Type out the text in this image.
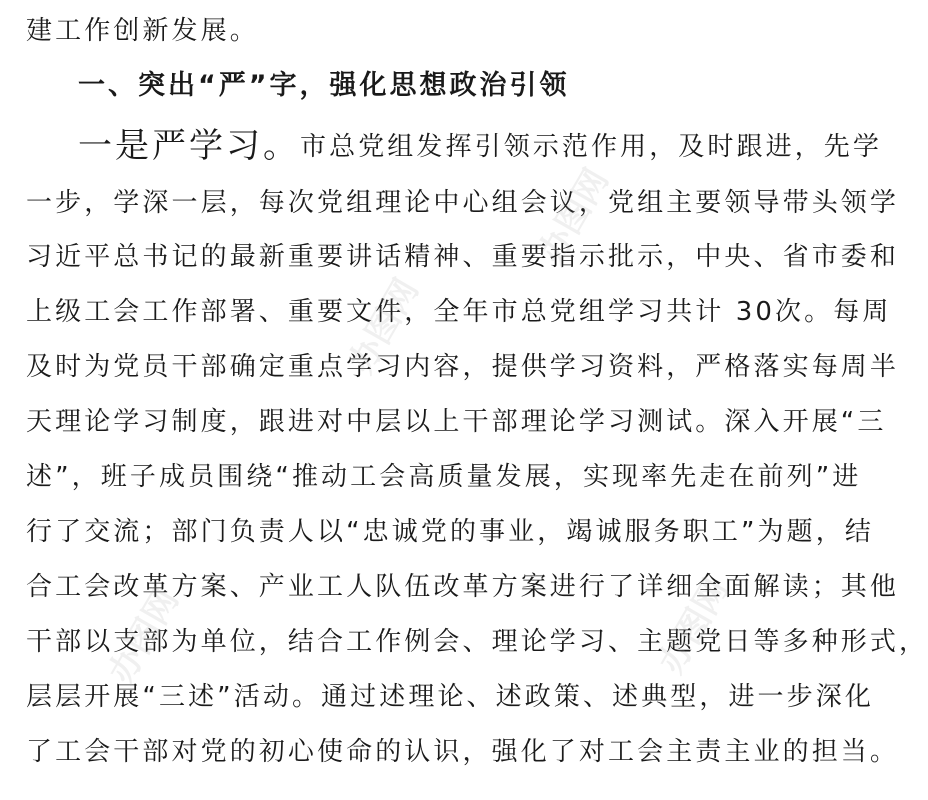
建工作创新发展。
一、突出“严”字，强化思想政治引领
一是严学习。市总党组发挥引领示范作用，及时跟进，先学
一步，学深一层，每次党组理论中心组会议，党组主要领导带头领学
习近平总书记的最新重要讲话精神、重要指示批示，中央、省市委和
上级工会工作部署、重要文件，全年市总党组学习共计 30次。每周
及时为党员干部确定重点学习内容，提供学习资料，严格落实每周半
天理论学习制度，跟进对中层以上干部理论学习测试。深入开展“三
述”，班子成员围绕“推动工会高质量发展，实现率先走在前列”进
行了交流；部门负责人以“忠诚党的事业，竭诚服务职工”为题，结
合工会改革方案、产业工人队伍改革方案进行了详细全面解读；其他
干部以支部为单位，结合工作例会、理论学习、主题党日等多种形式，
层层开展“三述”活动。通过述理论、述政策、述典型，进一步深化
了工会干部对党的初心使命的认识，强化了对工会主责主业的担当。
办图网
办图网
办图网
办图网
